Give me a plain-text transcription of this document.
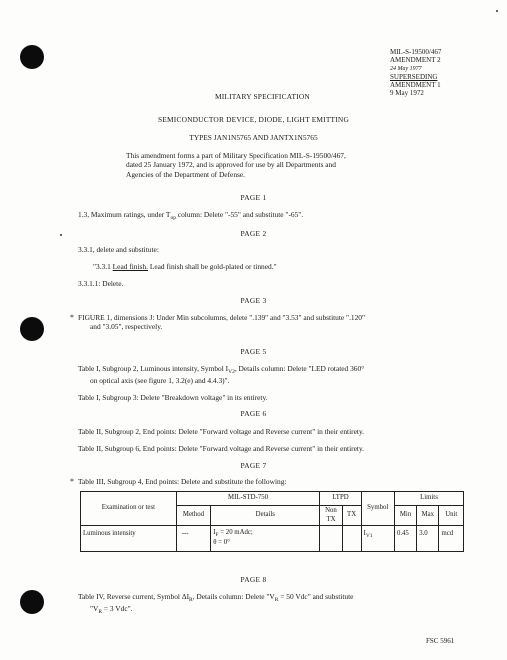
MIL-S-19500/467
AMENDMENT 2
24 May 1977
SUPERSEDING
AMENDMENT 1
9 May 1972
MILITARY SPECIFICATION
SEMICONDUCTOR DEVICE, DIODE, LIGHT EMITTING
TYPES JAN1N5765 AND JANTX1N5765
This amendment forms a part of Military Specification MIL-S-19500/467,
dated 25 January 1972, and is approved for use by all Departments and
Agencies of the Department of Defense.
PAGE 1
1.3, Maximum ratings, under $T_{op}$ column: Delete "-55" and substitute "-65".
PAGE 2
3.3.1, delete and substitute:
"3.3.1 Lead finish. Lead finish shall be gold-plated or tinned."
3.3.1.1: Delete.
PAGE 3
* FIGURE 1, dimensions J: Under Min subcolumns, delete ".139" and "3.53" and substitute ".120"
and "3.05", respectively.
PAGE 5
Table I, Subgroup 2, Luminous intensity, Symbol $I_{V2}$, Details column: Delete "LED rotated 360°
on optical axis (see figure 1, 3.2(e) and 4.4.3)".
Table I, Subgroup 3: Delete "Breakdown voltage" in its entirety.
PAGE 6
Table II, Subgroup 2, End points: Delete "Forward voltage and Reverse current" in their entirety.
Table II, Subgroup 6, End points: Delete "Forward voltage and Reverse current" in their entirety.
PAGE 7
* Table III, Subgroup 4, End points: Delete and substitute the following:
Examination or test	MIL-STD-750		LTPD		Symbol	Limits		
	Method	Details	Non TX	TX		Min	Max	Unit
Luminous intensity	---	$I_F = 20$ mAdc;
θ = 0°			$I_{V1}$	0.45	3.0	mcd
PAGE 8
Table IV, Reverse current, Symbol $\Delta I_R$, Details column: Delete "$V_R = 50$ Vdc" and substitute
"$V_R = 3$ Vdc".
FSC 5961
